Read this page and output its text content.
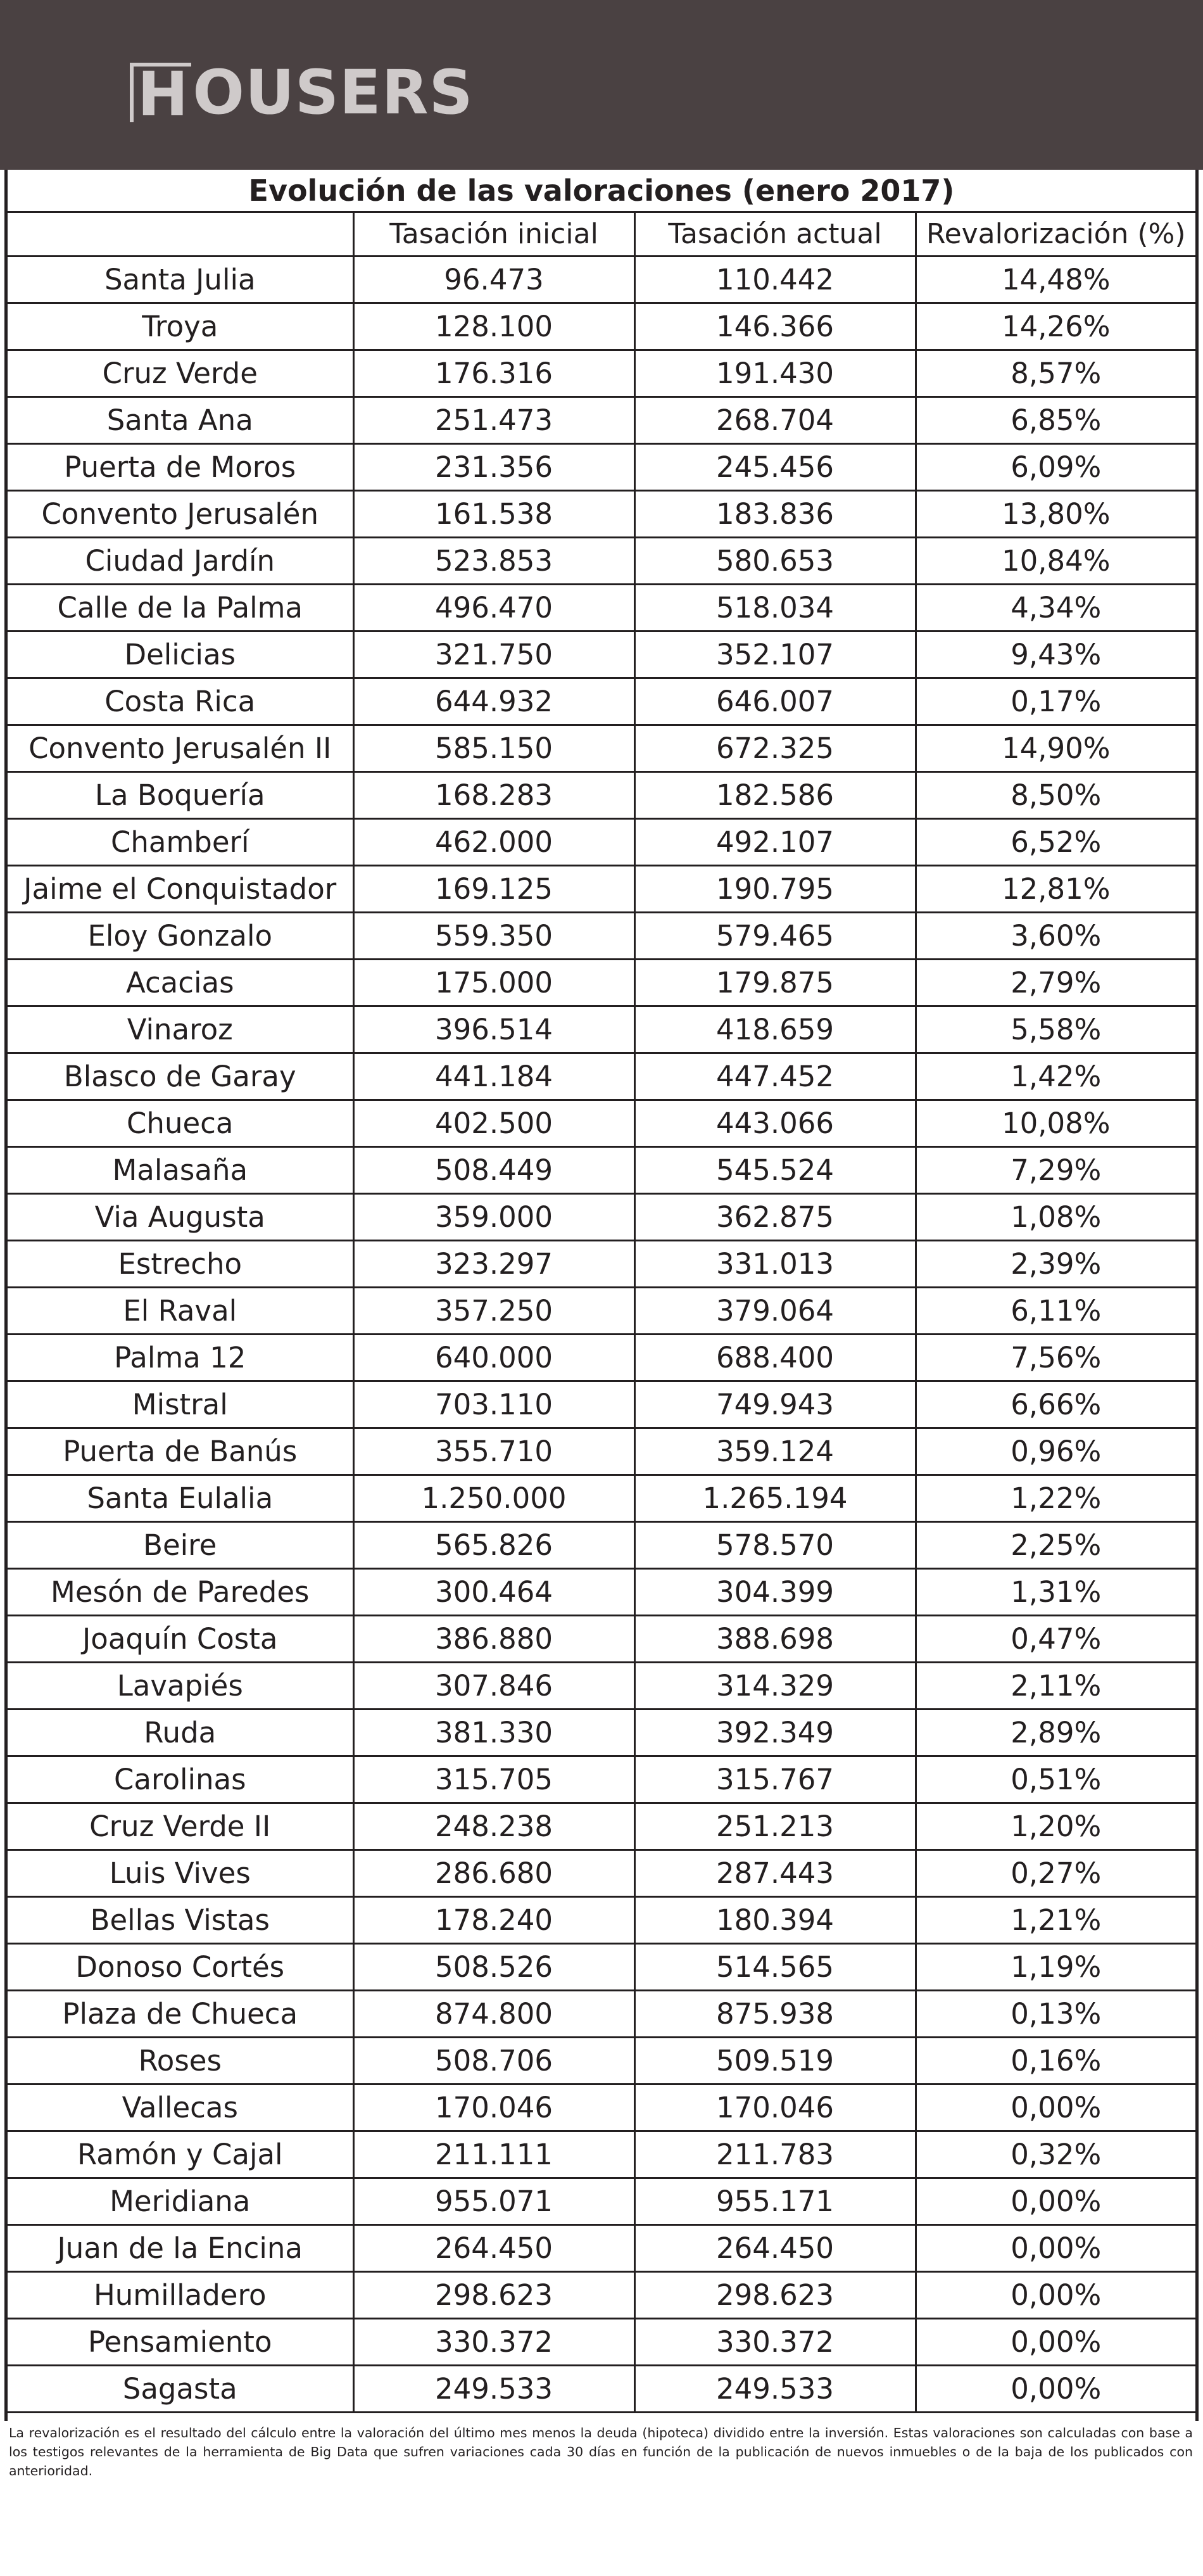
H OUSERS
Evolución de las valoraciones (enero 2017)
	Tasación inicial	Tasación actual	Revalorización (%)
Santa Julia	96.473	110.442	14,48%
Troya	128.100	146.366	14,26%
Cruz Verde	176.316	191.430	8,57%
Santa Ana	251.473	268.704	6,85%
Puerta de Moros	231.356	245.456	6,09%
Convento Jerusalén	161.538	183.836	13,80%
Ciudad Jardín	523.853	580.653	10,84%
Calle de la Palma	496.470	518.034	4,34%
Delicias	321.750	352.107	9,43%
Costa Rica	644.932	646.007	0,17%
Convento Jerusalén II	585.150	672.325	14,90%
La Boquería	168.283	182.586	8,50%
Chamberí	462.000	492.107	6,52%
Jaime el Conquistador	169.125	190.795	12,81%
Eloy Gonzalo	559.350	579.465	3,60%
Acacias	175.000	179.875	2,79%
Vinaroz	396.514	418.659	5,58%
Blasco de Garay	441.184	447.452	1,42%
Chueca	402.500	443.066	10,08%
Malasaña	508.449	545.524	7,29%
Via Augusta	359.000	362.875	1,08%
Estrecho	323.297	331.013	2,39%
El Raval	357.250	379.064	6,11%
Palma 12	640.000	688.400	7,56%
Mistral	703.110	749.943	6,66%
Puerta de Banús	355.710	359.124	0,96%
Santa Eulalia	1.250.000	1.265.194	1,22%
Beire	565.826	578.570	2,25%
Mesón de Paredes	300.464	304.399	1,31%
Joaquín Costa	386.880	388.698	0,47%
Lavapiés	307.846	314.329	2,11%
Ruda	381.330	392.349	2,89%
Carolinas	315.705	315.767	0,51%
Cruz Verde II	248.238	251.213	1,20%
Luis Vives	286.680	287.443	0,27%
Bellas Vistas	178.240	180.394	1,21%
Donoso Cortés	508.526	514.565	1,19%
Plaza de Chueca	874.800	875.938	0,13%
Roses	508.706	509.519	0,16%
Vallecas	170.046	170.046	0,00%
Ramón y Cajal	211.111	211.783	0,32%
Meridiana	955.071	955.171	0,00%
Juan de la Encina	264.450	264.450	0,00%
Humilladero	298.623	298.623	0,00%
Pensamiento	330.372	330.372	0,00%
Sagasta	249.533	249.533	0,00%
La revalorización es el resultado del cálculo entre la valoración del último mes menos la deuda (hipoteca) dividido entre la inversión. Estas valoraciones son calculadas con base a los testigos relevantes de la herramienta de Big Data que sufren variaciones cada 30 días en función de la publicación de nuevos inmuebles o de la baja de los publicados con anterioridad.
